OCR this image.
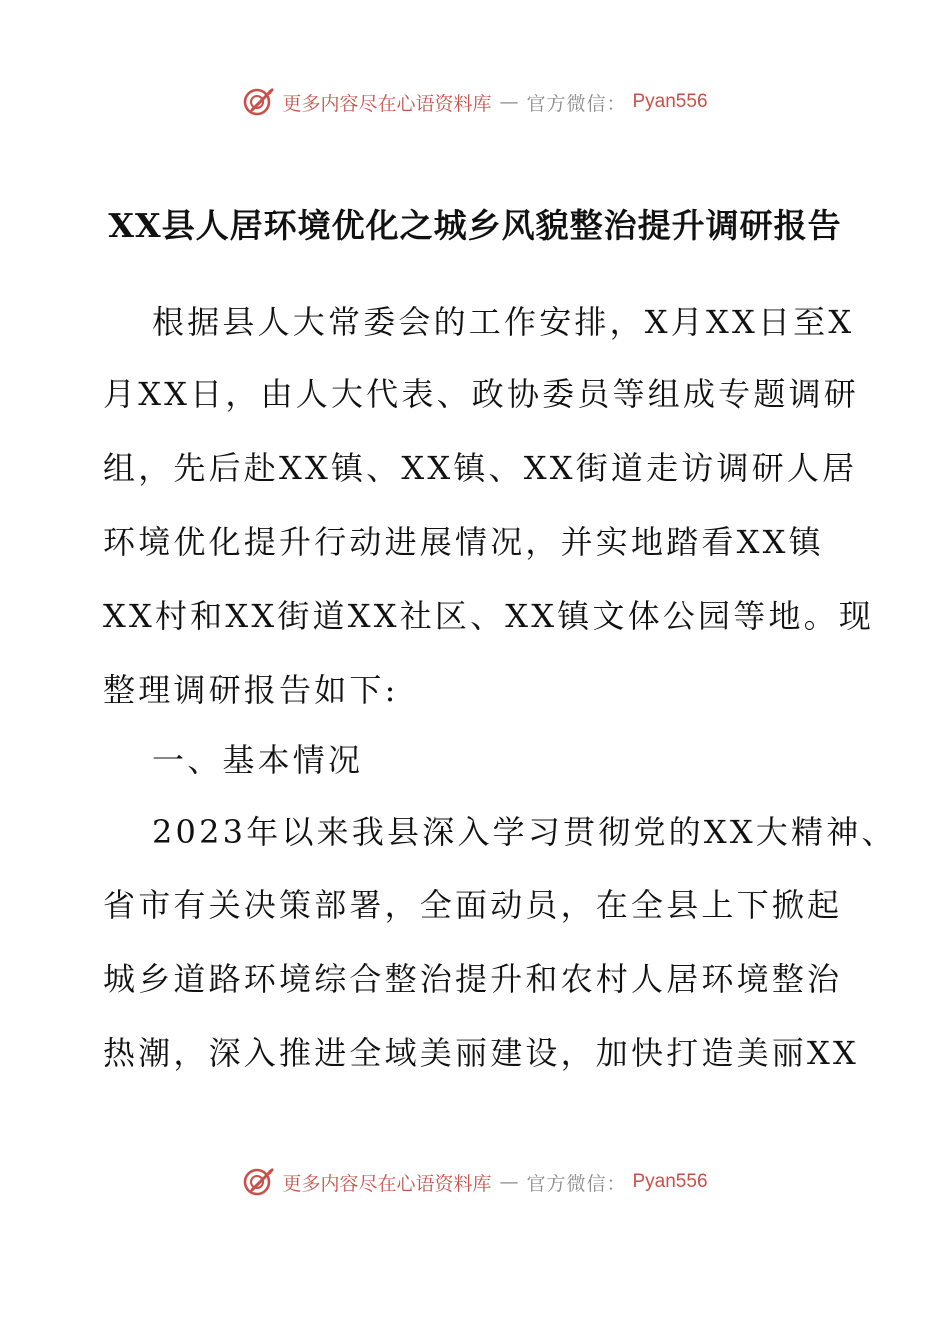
更多内容尽在心语资料库 — 官方微信： Pyan556
XX县人居环境优化之城乡风貌整治提升调研报告

根据县人大常委会的工作安排，X月XX日至X

月XX日，由人大代表、政协委员等组成专题调研

组，先后赴XX镇、XX镇、XX街道走访调研人居

环境优化提升行动进展情况，并实地踏看XX镇

XX村和XX街道XX社区、XX镇文体公园等地。现

整理调研报告如下:

一、基本情况

2023年以来我县深入学习贯彻党的XX大精神、

省市有关决策部署，全面动员，在全县上下掀起

城乡道路环境综合整治提升和农村人居环境整治

热潮，深入推进全域美丽建设，加快打造美丽XX

更多内容尽在心语资料库 — 官方微信： Pyan556
